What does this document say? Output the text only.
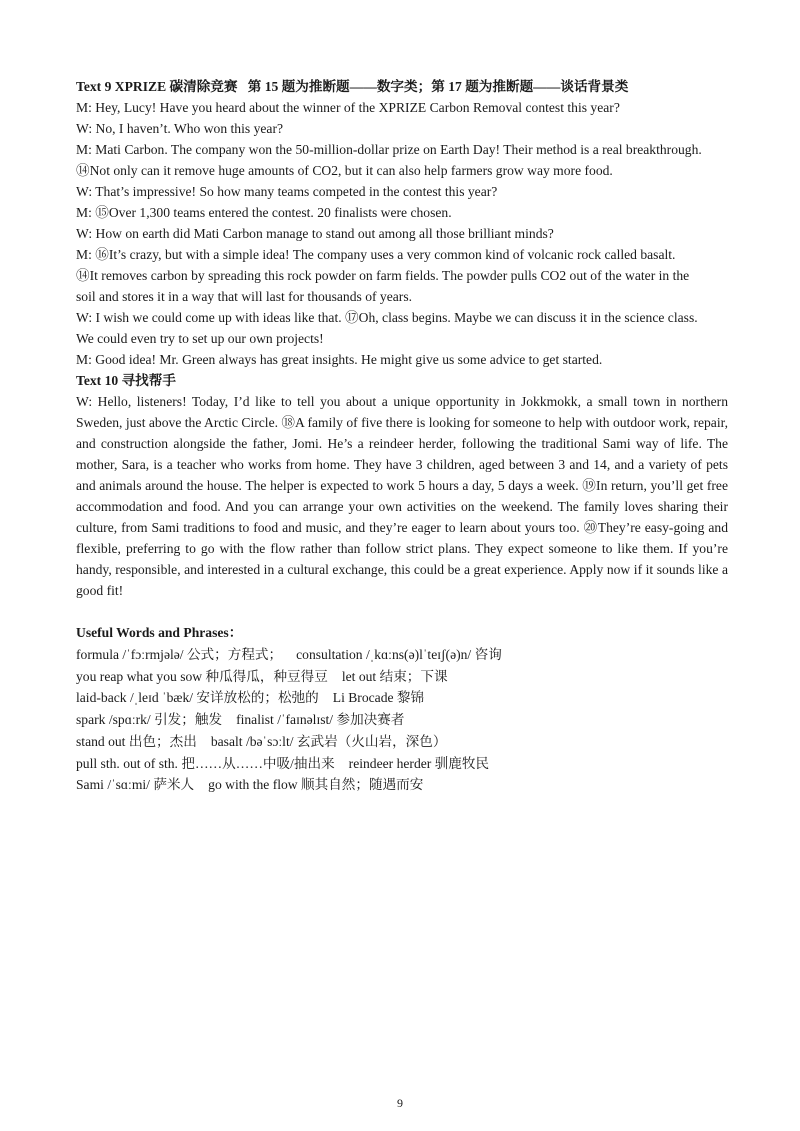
Text 9 XPRIZE 碳清除竞赛 第 15 题为推断题——数字类；第 17 题为推断题——谈话背景类
M: Hey, Lucy! Have you heard about the winner of the XPRIZE Carbon Removal contest this year?
W: No, I haven’t. Who won this year?
M: Mati Carbon. The company won the 50-million-dollar prize on Earth Day! Their method is a real breakthrough.
⑭Not only can it remove huge amounts of CO2, but it can also help farmers grow way more food.
W: That’s impressive! So how many teams competed in the contest this year?
M: ⑮Over 1,300 teams entered the contest. 20 finalists were chosen.
W: How on earth did Mati Carbon manage to stand out among all those brilliant minds?
M: ⑯It’s crazy, but with a simple idea! The company uses a very common kind of volcanic rock called basalt.
⑭It removes carbon by spreading this rock powder on farm fields. The powder pulls CO2 out of the water in the
soil and stores it in a way that will last for thousands of years.
W: I wish we could come up with ideas like that. ⑰Oh, class begins. Maybe we can discuss it in the science class.
We could even try to set up our own projects!
M: Good idea! Mr. Green always has great insights. He might give us some advice to get started.
Text 10 寻找帮手
W: Hello, listeners! Today, I’d like to tell you about a unique opportunity in Jokkmokk, a small town in northern Sweden, just above the Arctic Circle. ⑱A family of five there is looking for someone to help with outdoor work, repair, and construction alongside the father, Jomi. He’s a reindeer herder, following the traditional Sami way of life. The mother, Sara, is a teacher who works from home. They have 3 children, aged between 3 and 14, and a variety of pets and animals around the house. The helper is expected to work 5 hours a day, 5 days a week. ⑲In return, you’ll get free accommodation and food. And you can arrange your own activities on the weekend. The family loves sharing their culture, from Sami traditions to food and music, and they’re eager to learn about yours too. ⑳They’re easy-going and flexible, preferring to go with the flow rather than follow strict plans. They expect someone to like them. If you’re handy, responsible, and interested in a cultural exchange, this could be a great experience. Apply now if it sounds like a good fit!
Useful Words and Phrases：
formula /ˈfɔːrmjələ/ 公式；方程式； consultation /ˌkɑːns(ə)lˈteɪʃ(ə)n/ 咨询
you reap what you sow 种瓜得瓜，种豆得豆 let out 结束；下课
laid-back /ˌleɪd ˈbæk/ 安详放松的；松弛的 Li Brocade 黎锦
spark /spɑːrk/ 引发；触发 finalist /ˈfaɪnəlɪst/ 参加决赛者
stand out 出色；杰出 basalt /bəˈsɔːlt/ 玄武岩（火山岩，深色）
pull sth. out of sth. 把……从……中吸/抽出来 reindeer herder 驯鹿牧民
Sami /ˈsɑːmi/ 萨米人 go with the flow 顺其自然；随遇而安
9
